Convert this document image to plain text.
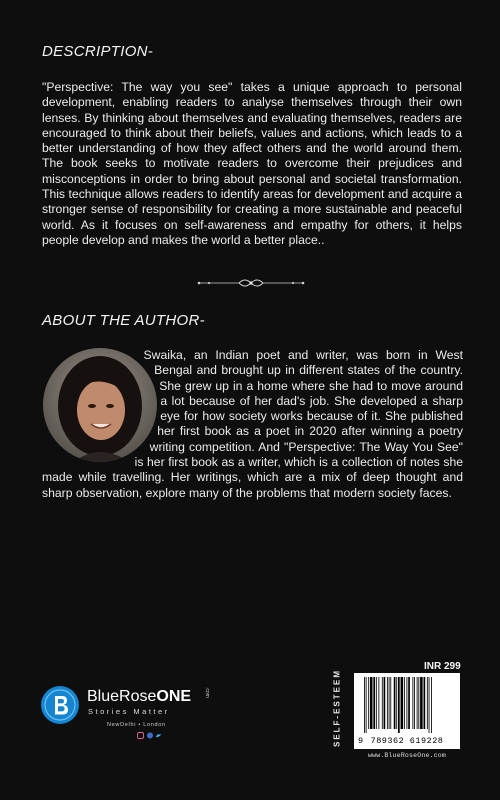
DESCRIPTION-
"Perspective: The way you see" takes a unique approach to personal development, enabling readers to analyse themselves through their own lenses. By thinking about themselves and evaluating themselves, readers are encouraged to think about their beliefs, values and actions, which leads to a better understanding of how they affect others and the world around them. The book seeks to motivate readers to overcome their prejudices and misconceptions in order to bring about personal and societal transformation. This technique allows readers to identify areas for development and acquire a stronger sense of responsibility for creating a more sustainable and peaceful world. As it focuses on self-awareness and empathy for others, it helps people develop and makes the world a better place..
ABOUT THE AUTHOR-
Swaika, an Indian poet and writer, was born in West Bengal and brought up in different states of the country. She grew up in a home where she had to move around a lot because of her dad's job. She developed a sharp eye for how society works because of it. She published her first book as a poet in 2020 after winning a poetry writing competition. And "Perspective: The Way You See" is her first book as a writer, which is a collection of notes she made while travelling. Her writings, which are a mix of deep thought and sharp observation, explore many of the problems that modern society faces.
BlueRoseONE	.com
Stories Matter
NewDelhi • London
INR 299
SELF-ESTEEM 9 789362 619228
www.BlueRoseOne.com
